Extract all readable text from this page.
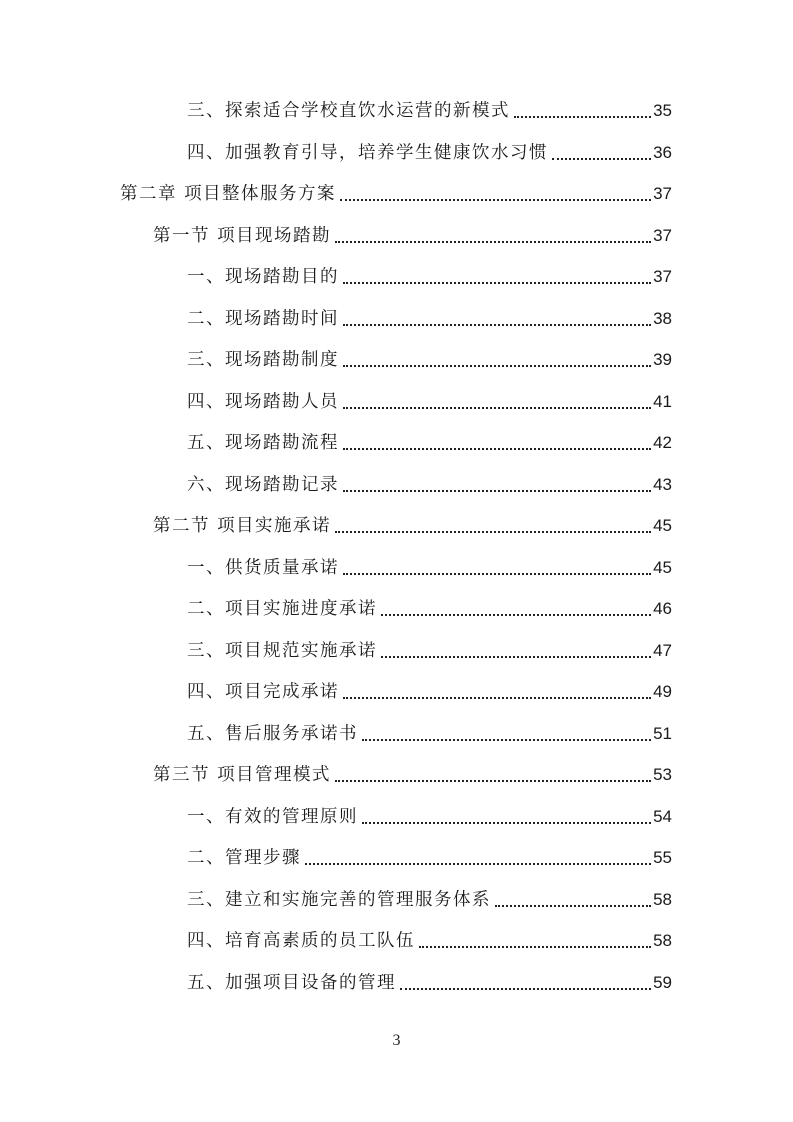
三、探索适合学校直饮水运营的新模式	35
四、加强教育引导，培养学生健康饮水习惯	36
第二章 项目整体服务方案	37
第一节 项目现场踏勘	37
一、现场踏勘目的	37
二、现场踏勘时间	38
三、现场踏勘制度	39
四、现场踏勘人员	41
五、现场踏勘流程	42
六、现场踏勘记录	43
第二节 项目实施承诺	45
一、供货质量承诺	45
二、项目实施进度承诺	46
三、项目规范实施承诺	47
四、项目完成承诺	49
五、售后服务承诺书	51
第三节 项目管理模式	53
一、有效的管理原则	54
二、管理步骤	55
三、建立和实施完善的管理服务体系	58
四、培育高素质的员工队伍	58
五、加强项目设备的管理	59
3
